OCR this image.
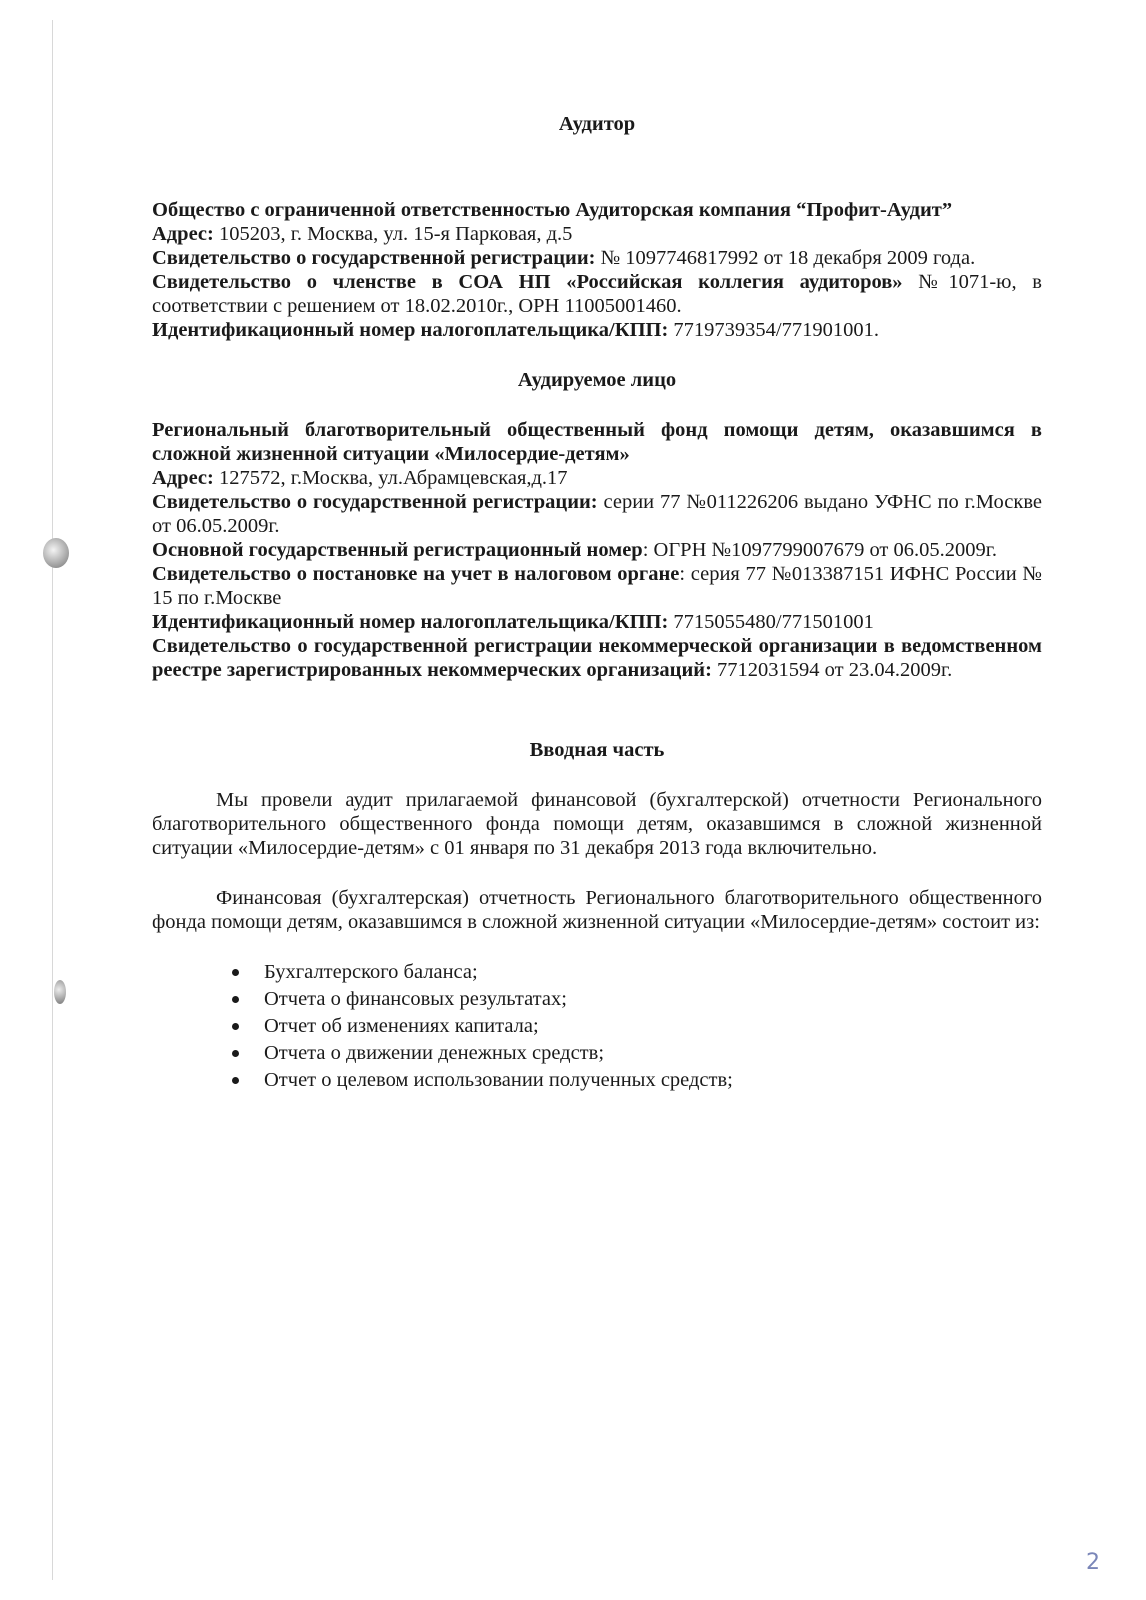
Аудитор

Общество с ограниченной ответственностью Аудиторская компания “Профит-Аудит”

Адрес: 105203, г. Москва, ул. 15-я Парковая, д.5

Свидетельство о государственной регистрации: № 1097746817992 от 18 декабря 2009 года.

Свидетельство о членстве в СОА НП «Российская коллегия аудиторов» №1071-ю, в соответствии с решением от 18.02.2010г., ОРН 11005001460.

Идентификационный номер налогоплательщика/КПП: 7719739354/771901001.

Аудируемое лицо

Региональный благотворительный общественный фонд помощи детям, оказавшимся в сложной жизненной ситуации «Милосердие-детям»

Адрес: 127572, г.Москва, ул.Абрамцевская,д.17

Свидетельство о государственной регистрации: серии 77 №011226206 выдано УФНС по г.Москве от 06.05.2009г.

Основной государственный регистрационный номер: ОГРН №1097799007679 от 06.05.2009г.

Свидетельство о постановке на учет в налоговом органе: серия 77 №013387151 ИФНС России № 15 по г.Москве

Идентификационный номер налогоплательщика/КПП: 7715055480/771501001

Свидетельство о государственной регистрации некоммерческой организации в ведомственном реестре зарегистрированных некоммерческих организаций: 7712031594 от 23.04.2009г.

Вводная часть

Мы провели аудит прилагаемой финансовой (бухгалтерской) отчетности Регионального благотворительного общественного фонда помощи детям, оказавшимся в сложной жизненной ситуации «Милосердие-детям» с 01 января по 31 декабря 2013 года включительно.

Финансовая (бухгалтерская) отчетность Регионального благотворительного общественного фонда помощи детям, оказавшимся в сложной жизненной ситуации «Милосердие-детям» состоит из:

Бухгалтерского баланса;
Отчета о финансовых результатах;
Отчет об изменениях капитала;
Отчета о движении денежных средств;
Отчет о целевом использовании полученных средств;
2
